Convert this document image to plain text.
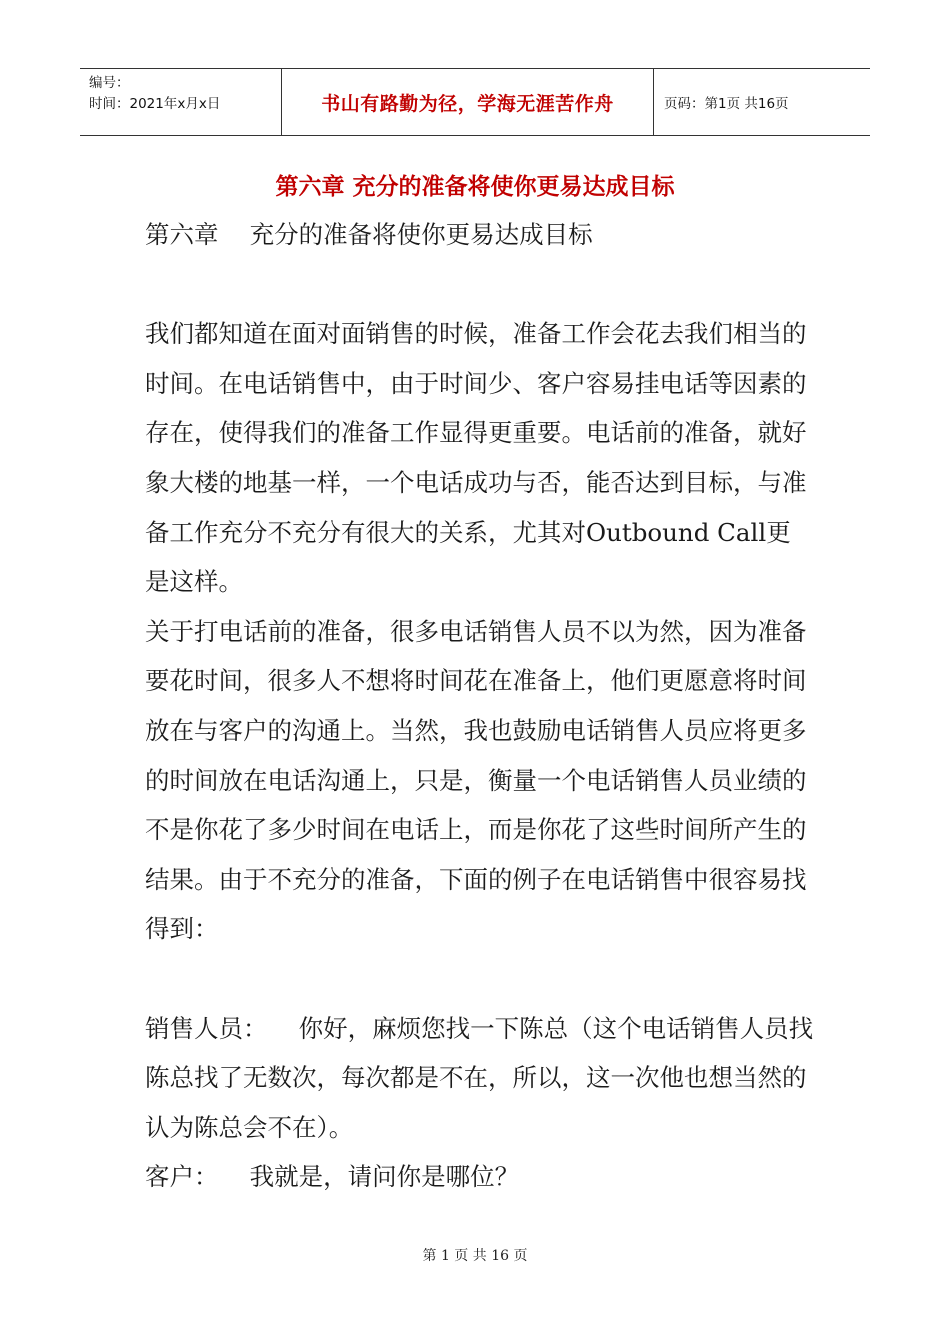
编号：
时间：2021年x月x日	书山有路勤为径，学海无涯苦作舟	页码：第1页 共16页
第六章 充分的准备将使你更易达成目标

第六章    充分的准备将使你更易达成目标

我们都知道在面对面销售的时候，准备工作会花去我们相当的时间。在电话销售中，由于时间少、客户容易挂电话等因素的存在，使得我们的准备工作显得更重要。电话前的准备，就好象大楼的地基一样，一个电话成功与否，能否达到目标，与准备工作充分不充分有很大的关系，尤其对Outbound Call更是这样。

关于打电话前的准备，很多电话销售人员不以为然，因为准备要花时间，很多人不想将时间花在准备上，他们更愿意将时间放在与客户的沟通上。当然，我也鼓励电话销售人员应将更多的时间放在电话沟通上，只是，衡量一个电话销售人员业绩的不是你花了多少时间在电话上，而是你花了这些时间所产生的结果。由于不充分的准备，下面的例子在电话销售中很容易找得到：

销售人员：    你好，麻烦您找一下陈总（这个电话销售人员找陈总找了无数次，每次都是不在，所以，这一次他也想当然的认为陈总会不在）。

客户：    我就是，请问你是哪位？

第 1 页 共 16 页
